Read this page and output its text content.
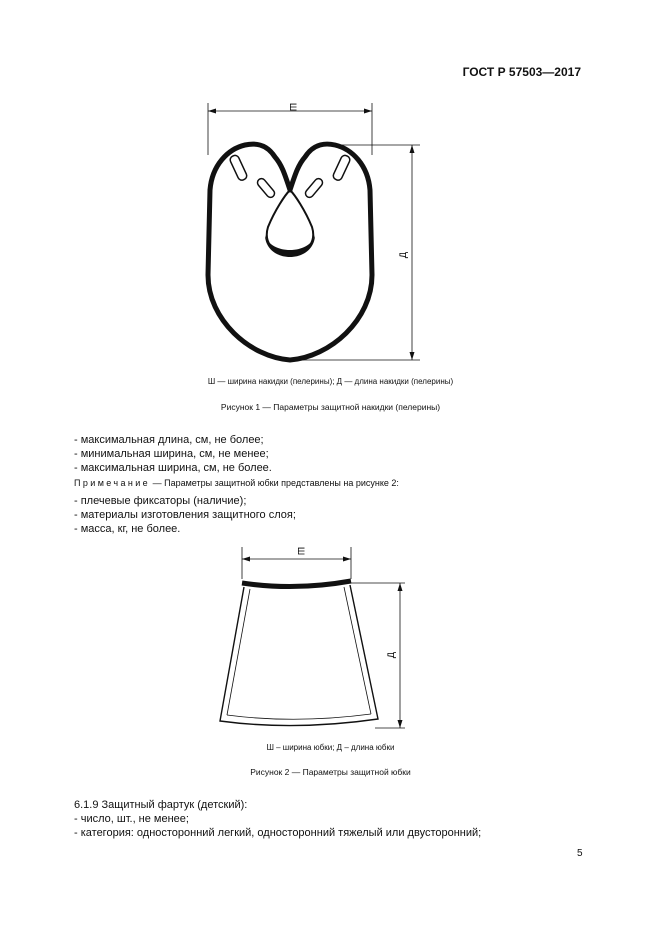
ГОСТ Р 57503—2017
Ш
Д
Ш — ширина накидки (пелерины); Д — длина накидки (пелерины)
Рисунок 1 — Параметры защитной накидки (пелерины)
- максимальная длина, см, не более;
- минимальная ширина, см, не менее;
- максимальная ширина, см, не более.
Примечание — Параметры защитной юбки представлены на рисунке 2:
- плечевые фиксаторы (наличие);
- материалы изготовления защитного слоя;
- масса, кг, не более.
Ш
Д
Ш – ширина юбки; Д – длина юбки
Рисунок 2 — Параметры защитной юбки
6.1.9 Защитный фартук (детский):
- число, шт., не менее;
- категория: односторонний легкий, односторонний тяжелый или двусторонний;
5
